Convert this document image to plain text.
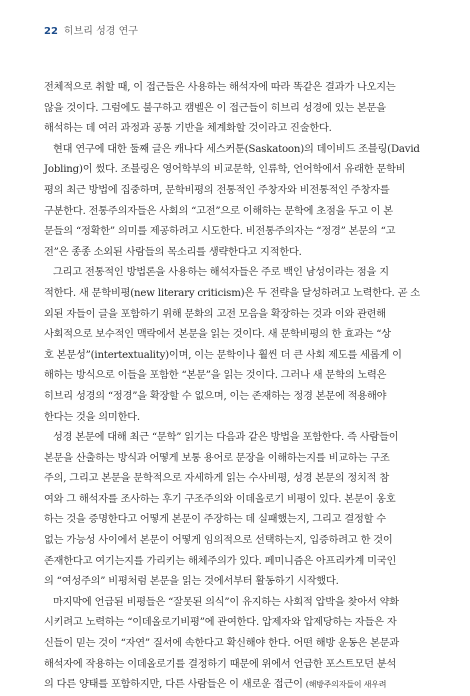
22 히브리 성경 연구
전체적으로 취할 때, 이 접근들은 사용하는 해석자에 따라 똑같은 결과가 나오지는
않을 것이다. 그럼에도 불구하고 캠벨은 이 접근들이 히브리 성경에 있는 본문을
해석하는 데 여러 과정과 공통 기반을 체계화할 것이라고 진술한다.
현대 연구에 대한 둘째 글은 캐나다 세스커툰(Saskatoon)의 데이비드 조블링(David
Jobling)이 썼다. 조블링은 영어학부의 비교문학, 인류학, 언어학에서 유래한 문학비
평의 최근 방법에 집중하며, 문학비평의 전통적인 주창자와 비전통적인 주창자를
구분한다. 전통주의자들은 사회의 “고전”으로 이해하는 문학에 초점을 두고 이 본
문들의 “정확한” 의미를 제공하려고 시도한다. 비전통주의자는 “정경” 본문의 “고
전”은 종종 소외된 사람들의 목소리를 생략한다고 지적한다.
그리고 전통적인 방법론을 사용하는 해석자들은 주로 백인 남성이라는 점을 지
적한다. 새 문학비평(new literary criticism)은 두 전략을 달성하려고 노력한다. 곧 소
외된 자들이 글을 포함하기 위해 문화의 고전 모음을 확장하는 것과 이와 관련해
사회적으로 보수적인 맥락에서 본문을 읽는 것이다. 새 문학비평의 한 효과는 “상
호 본문성”(intertextuality)이며, 이는 문학이나 훨씬 더 큰 사회 제도를 세롭게 이
해하는 방식으로 이들을 포함한 “본문”을 읽는 것이다. 그러나 새 문학의 노력은
히브리 성경의 “정경”을 확장할 수 없으며, 이는 존재하는 정경 본문에 적용해야
한다는 것을 의미한다.
성경 본문에 대해 최근 “문학” 읽기는 다음과 같은 방법을 포함한다. 즉 사람들이
본문을 산출하는 방식과 어떻게 보통 용어로 문장을 이해하는지를 비교하는 구조
주의, 그리고 본문을 문학적으로 자세하게 읽는 수사비평, 성경 본문의 정치적 참
여와 그 해석자를 조사하는 후기 구조주의와 이데올로기 비평이 있다. 본문이 옹호
하는 것을 증명한다고 어떻게 본문이 주장하는 데 실패했는지, 그리고 결정할 수
없는 가능성 사이에서 본문이 어떻게 임의적으로 선택하는지, 입증하려고 한 것이
존재한다고 여기는지를 가리키는 해체주의가 있다. 페미니즘은 아프리카계 미국인
의 “여성주의” 비평처럼 본문을 읽는 것에서부터 활동하기 시작했다.
마지막에 언급된 비평들은 “잘못된 의식”이 유지하는 사회적 압박을 찾아서 약화
시키려고 노력하는 “이데올로기비평”에 관여한다. 압제자와 압제당하는 자들은 자
신들이 믿는 것이 “자연” 질서에 속한다고 확신해야 한다. 어떤 해방 운동은 본문과
해석자에 작용하는 이데올로기를 결정하기 때문에 위에서 언급한 포스트모던 분석
의 다른 양태를 포함하지만, 다른 사람들은 이 새로운 접근이 (해방주의자들이 새우려
